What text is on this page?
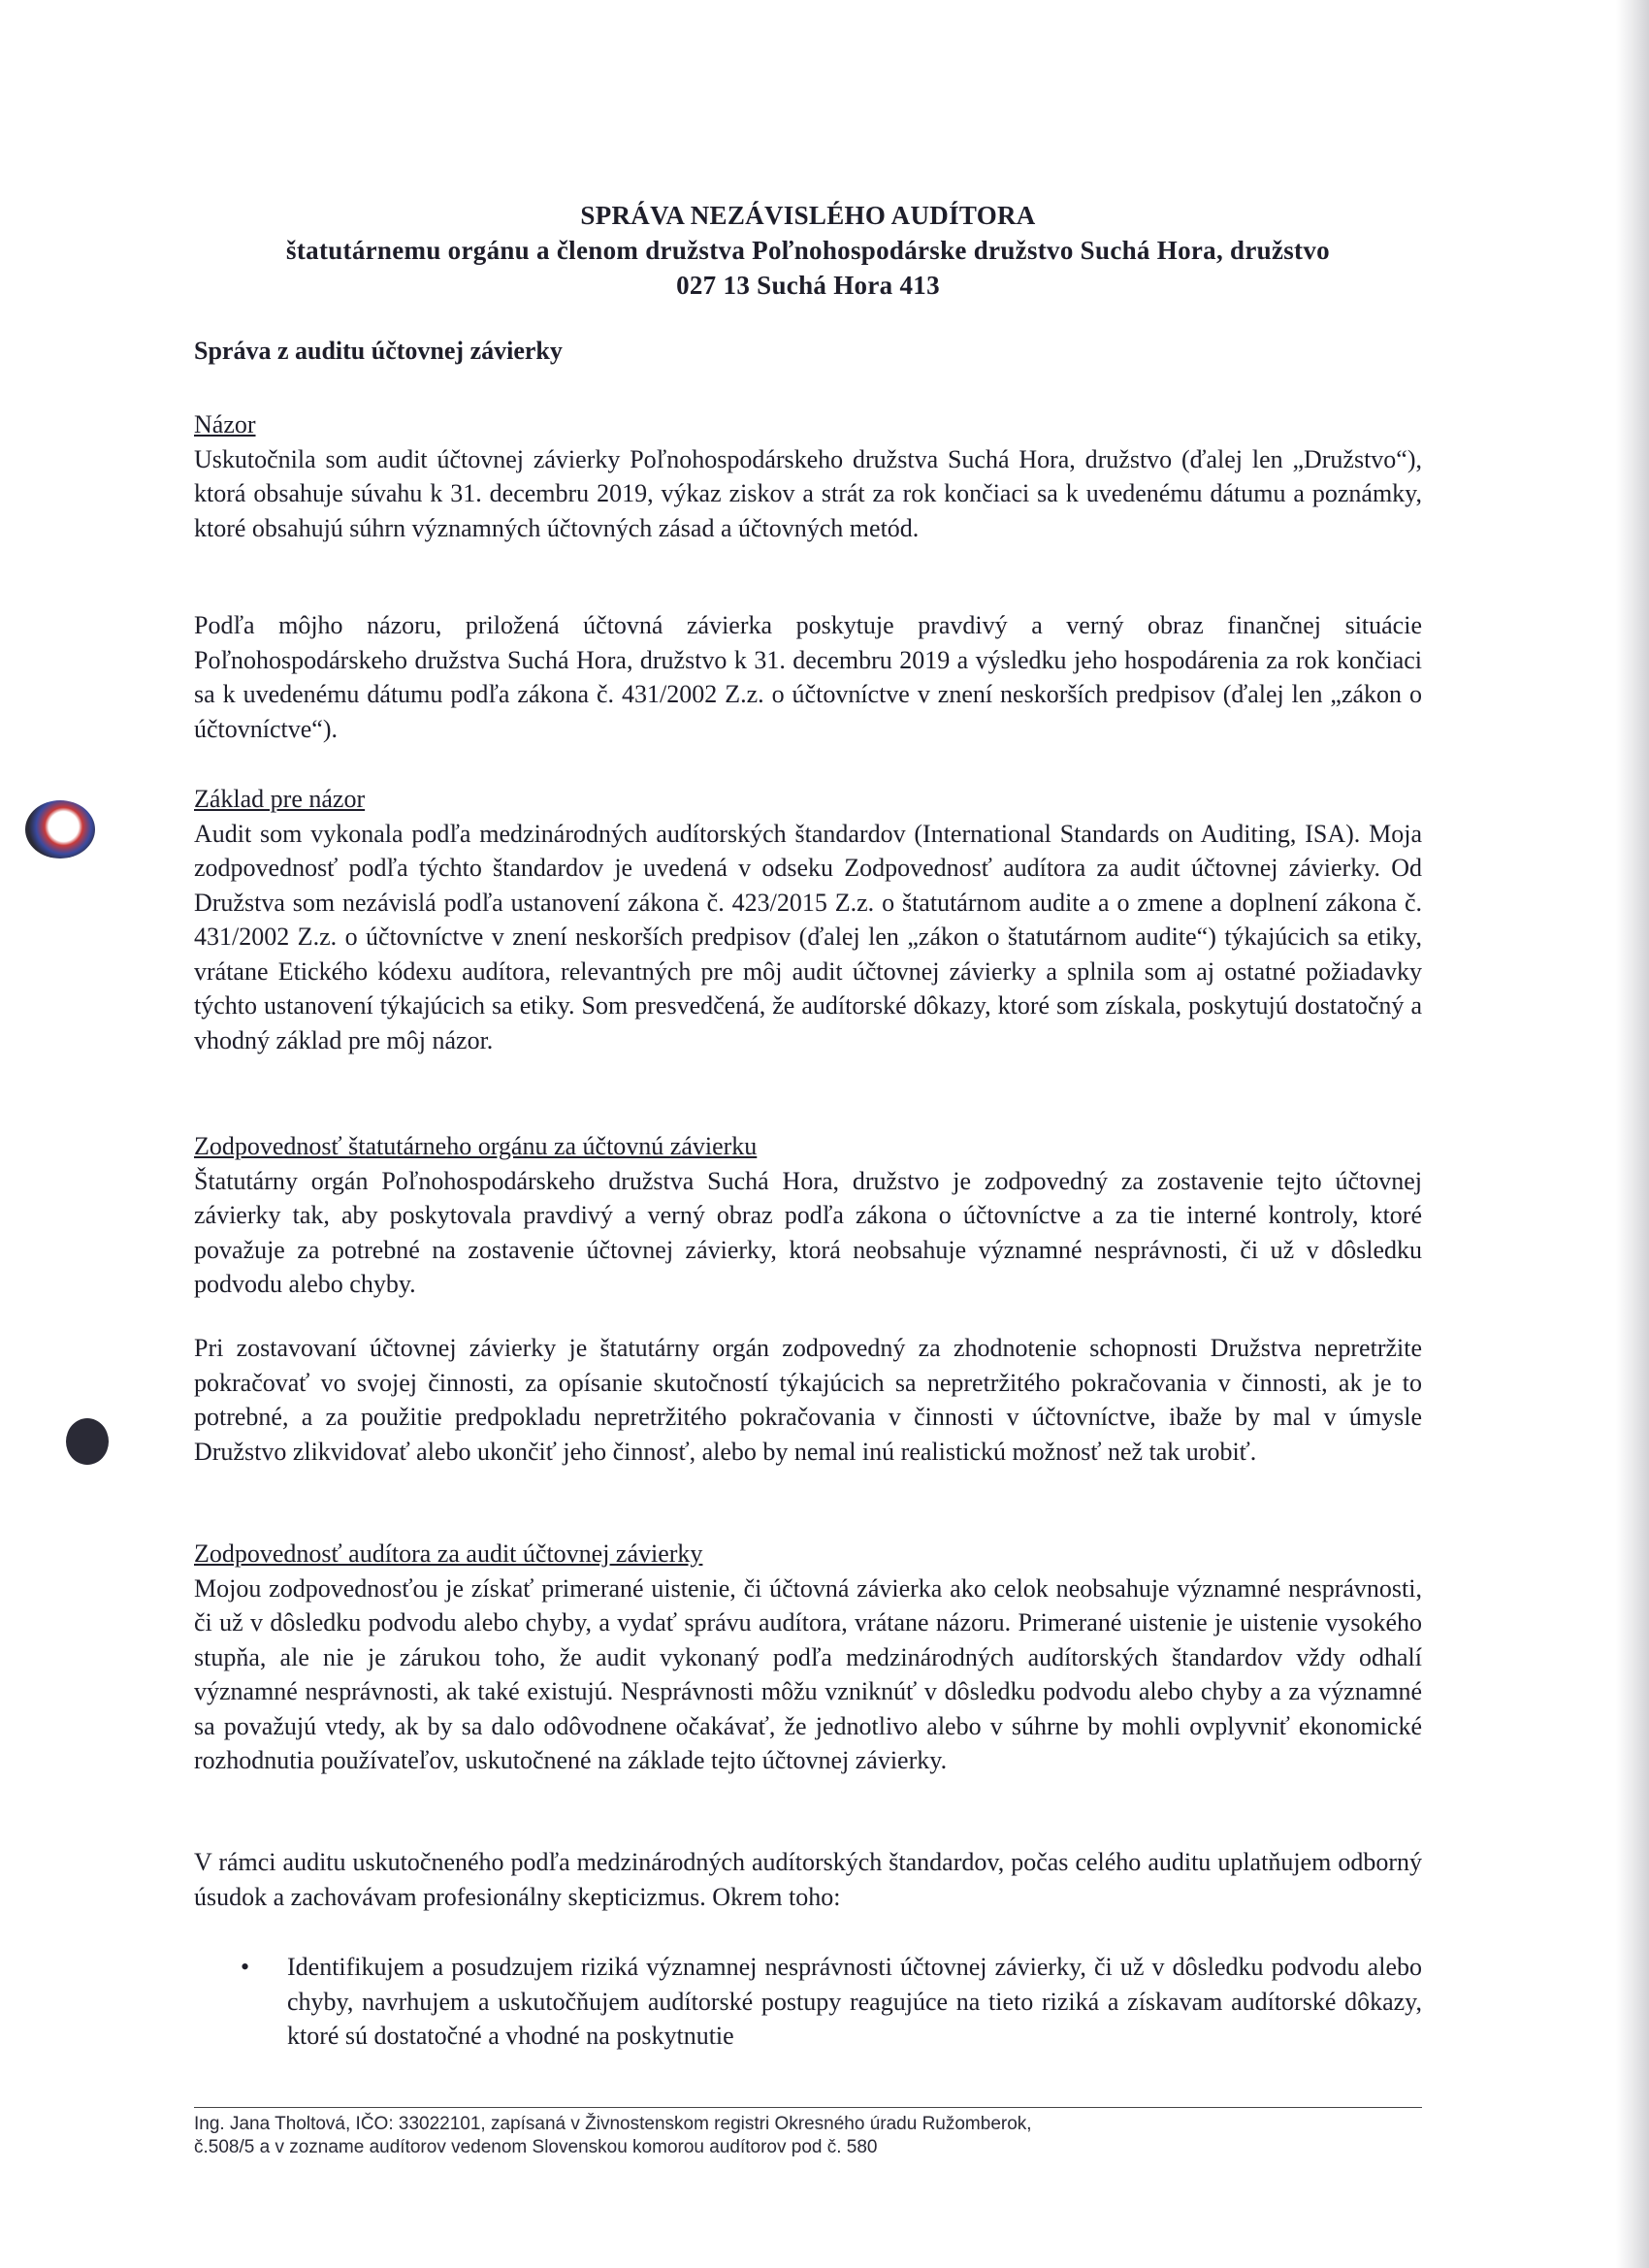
SPRÁVA NEZÁVISLÉHO AUDÍTORA
štatutárnemu orgánu a členom družstva Poľnohospodárske družstvo Suchá Hora, družstvo
027 13 Suchá Hora 413
Správa z auditu účtovnej závierky
Názor
Uskutočnila som audit účtovnej závierky Poľnohospodárskeho družstva Suchá Hora, družstvo (ďalej len „Družstvo“), ktorá obsahuje súvahu k 31. decembru 2019, výkaz ziskov a strát za rok končiaci sa k uvedenému dátumu a poznámky, ktoré obsahujú súhrn významných účtovných zásad a účtovných metód.
Podľa môjho názoru, priložená účtovná závierka poskytuje pravdivý a verný obraz finančnej situácie Poľnohospodárskeho družstva Suchá Hora, družstvo k 31. decembru 2019 a výsledku jeho hospodárenia za rok končiaci sa k uvedenému dátumu podľa zákona č. 431/2002 Z.z. o účtovníctve v znení neskorších predpisov (ďalej len „zákon o účtovníctve“).
Základ pre názor
Audit som vykonala podľa medzinárodných audítorských štandardov (International Standards on Auditing, ISA). Moja zodpovednosť podľa týchto štandardov je uvedená v odseku Zodpovednosť audítora za audit účtovnej závierky. Od Družstva som nezávislá podľa ustanovení zákona č. 423/2015 Z.z. o štatutárnom audite a o zmene a doplnení zákona č. 431/2002 Z.z. o účtovníctve v znení neskorších predpisov (ďalej len „zákon o štatutárnom audite“) týkajúcich sa etiky, vrátane Etického kódexu audítora, relevantných pre môj audit účtovnej závierky a splnila som aj ostatné požiadavky týchto ustanovení týkajúcich sa etiky. Som presvedčená, že audítorské dôkazy, ktoré som získala, poskytujú dostatočný a vhodný základ pre môj názor.
Zodpovednosť štatutárneho orgánu za účtovnú závierku
Štatutárny orgán Poľnohospodárskeho družstva Suchá Hora, družstvo je zodpovedný za zostavenie tejto účtovnej závierky tak, aby poskytovala pravdivý a verný obraz podľa zákona o účtovníctve a za tie interné kontroly, ktoré považuje za potrebné na zostavenie účtovnej závierky, ktorá neobsahuje významné nesprávnosti, či už v dôsledku podvodu alebo chyby.
Pri zostavovaní účtovnej závierky je štatutárny orgán zodpovedný za zhodnotenie schopnosti Družstva nepretržite pokračovať vo svojej činnosti, za opísanie skutočností týkajúcich sa nepretržitého pokračovania v činnosti, ak je to potrebné, a za použitie predpokladu nepretržitého pokračovania v činnosti v účtovníctve, ibaže by mal v úmysle Družstvo zlikvidovať alebo ukončiť jeho činnosť, alebo by nemal inú realistickú možnosť než tak urobiť.
Zodpovednosť audítora za audit účtovnej závierky
Mojou zodpovednosťou je získať primerané uistenie, či účtovná závierka ako celok neobsahuje významné nesprávnosti, či už v dôsledku podvodu alebo chyby, a vydať správu audítora, vrátane názoru. Primerané uistenie je uistenie vysokého stupňa, ale nie je zárukou toho, že audit vykonaný podľa medzinárodných audítorských štandardov vždy odhalí významné nesprávnosti, ak také existujú. Nesprávnosti môžu vzniknúť v dôsledku podvodu alebo chyby a za významné sa považujú vtedy, ak by sa dalo odôvodnene očakávať, že jednotlivo alebo v súhrne by mohli ovplyvniť ekonomické rozhodnutia používateľov, uskutočnené na základe tejto účtovnej závierky.
V rámci auditu uskutočneného podľa medzinárodných audítorských štandardov, počas celého auditu uplatňujem odborný úsudok a zachovávam profesionálny skepticizmus. Okrem toho:
•	Identifikujem a posudzujem riziká významnej nesprávnosti účtovnej závierky, či už v dôsledku podvodu alebo chyby, navrhujem a uskutočňujem audítorské postupy reagujúce na tieto riziká a získavam audítorské dôkazy, ktoré sú dostatočné a vhodné na poskytnutie
Ing. Jana Tholtová, IČO: 33022101, zapísaná v Živnostenskom registri Okresného úradu Ružomberok,
č.508/5 a v zozname audítorov vedenom Slovenskou komorou audítorov pod č. 580
